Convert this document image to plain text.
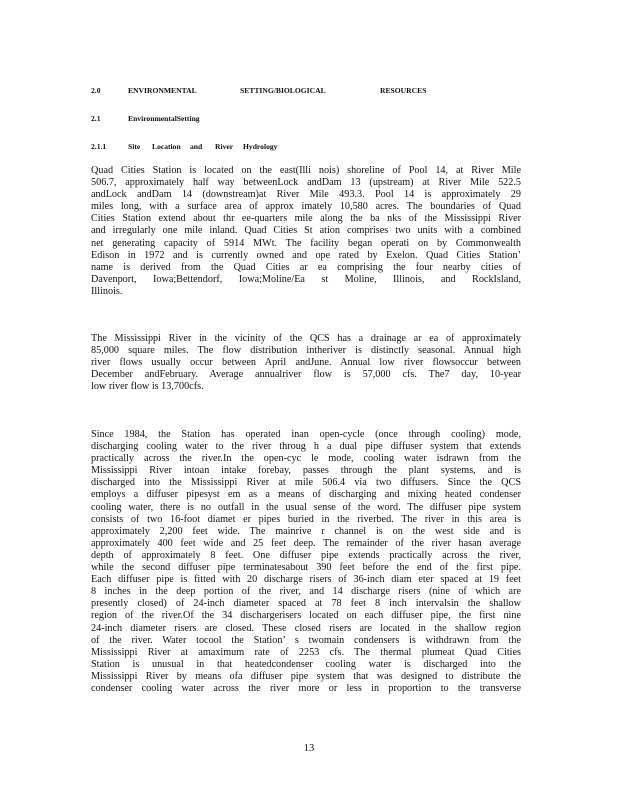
2.0	ENVIRONMENTAL	SETTING/BIOLOGICAL	RESOURCES
2.1	EnvironmentalSetting
2.1.1	Site	Location	and	River	Hydrology
Quad Cities Station is located on the east(Illi nois) shoreline of Pool 14, at River Mile
506.7, approximately half way betweenLock andDam 13 (upstream) at River Mile 522.5
andLock andDam 14 (downstream)at River Mile 493.3. Pool 14 is approximately 29
miles long, with a surface area of approx imately 10,580 acres. The boundaries of Quad
Cities Station extend about thr ee-quarters mile along the ba nks of the Mississippi River
and irregularly one mile inland. Quad Cities St ation comprises two units with a combined
net generating capacity of 5914 MWt. The facility began operati on by Commonwealth
Edison in 1972 and is currently owned and ope rated by Exelon. Quad Cities Station’
name is derived from the Quad Cities ar ea comprising the four nearby cities of
Davenport, Iowa;Bettendorf, Iowa;Moline/Ea st Moline, Illinois, and RockIsland,
Illinois.
The Mississippi River in the vicinity of the QCS has a drainage ar ea of approximately
85,000 square miles. The flow distribution intheriver is distinctly seasonal. Annual high
river flows usually occur between April andJune. Annual low river flowsoccur between
December andFebruary. Average annualriver flow is 57,000 cfs. The7 day, 10-year
low river flow is 13,700cfs.
Since 1984, the Station has operated inan open-cycle (once through cooling) mode,
discharging cooling water to the river throug h a dual pipe diffuser system that extends
practically across the river.In the open-cyc le mode, cooling water isdrawn from the
Mississippi River intoan intake forebay, passes through the plant systems, and is
discharged into the Mississippi River at mile 506.4 via two diffusers. Since the QCS
employs a diffuser pipesyst em as a means of discharging and mixing heated condenser
cooling water, there is no outfall in the usual sense of the word. The diffuser pipe system
consists of two 16-foot diamet er pipes buried in the riverbed. The river in this area is
approximately 2,200 feet wide. The mainrive r channel is on the west side and is
approximately 400 feet wide and 25 feet deep. The remainder of the river hasan average
depth of approximately 8 feet. One diffuser pipe extends practically across the river,
while the second diffuser pipe terminatesabout 390 feet before the end of the first pipe.
Each diffuser pipe is fitted with 20 discharge risers of 36-inch diam eter spaced at 19 feet
8 inches in the deep portion of the river, and 14 discharge risers (nine of which are
presently closed) of 24-inch diameter spaced at 78 feet 8 inch intervalsin the shallow
region of the river.Of the 34 dischargerisers located on each diffuser pipe, the first nine
24-inch diameter risers are closed. These closed risers are located in the shallow region
of the river. Water tocool the Station’ s twomain condensers is withdrawn from the
Mississippi River at amaximum rate of 2253 cfs. The thermal plumeat Quad Cities
Station is unusual in that heatedcondenser cooling water is discharged into the
Mississippi River by means ofa diffuser pipe system that was designed to distribute the
condenser cooling water across the river more or less in proportion to the transverse
13
